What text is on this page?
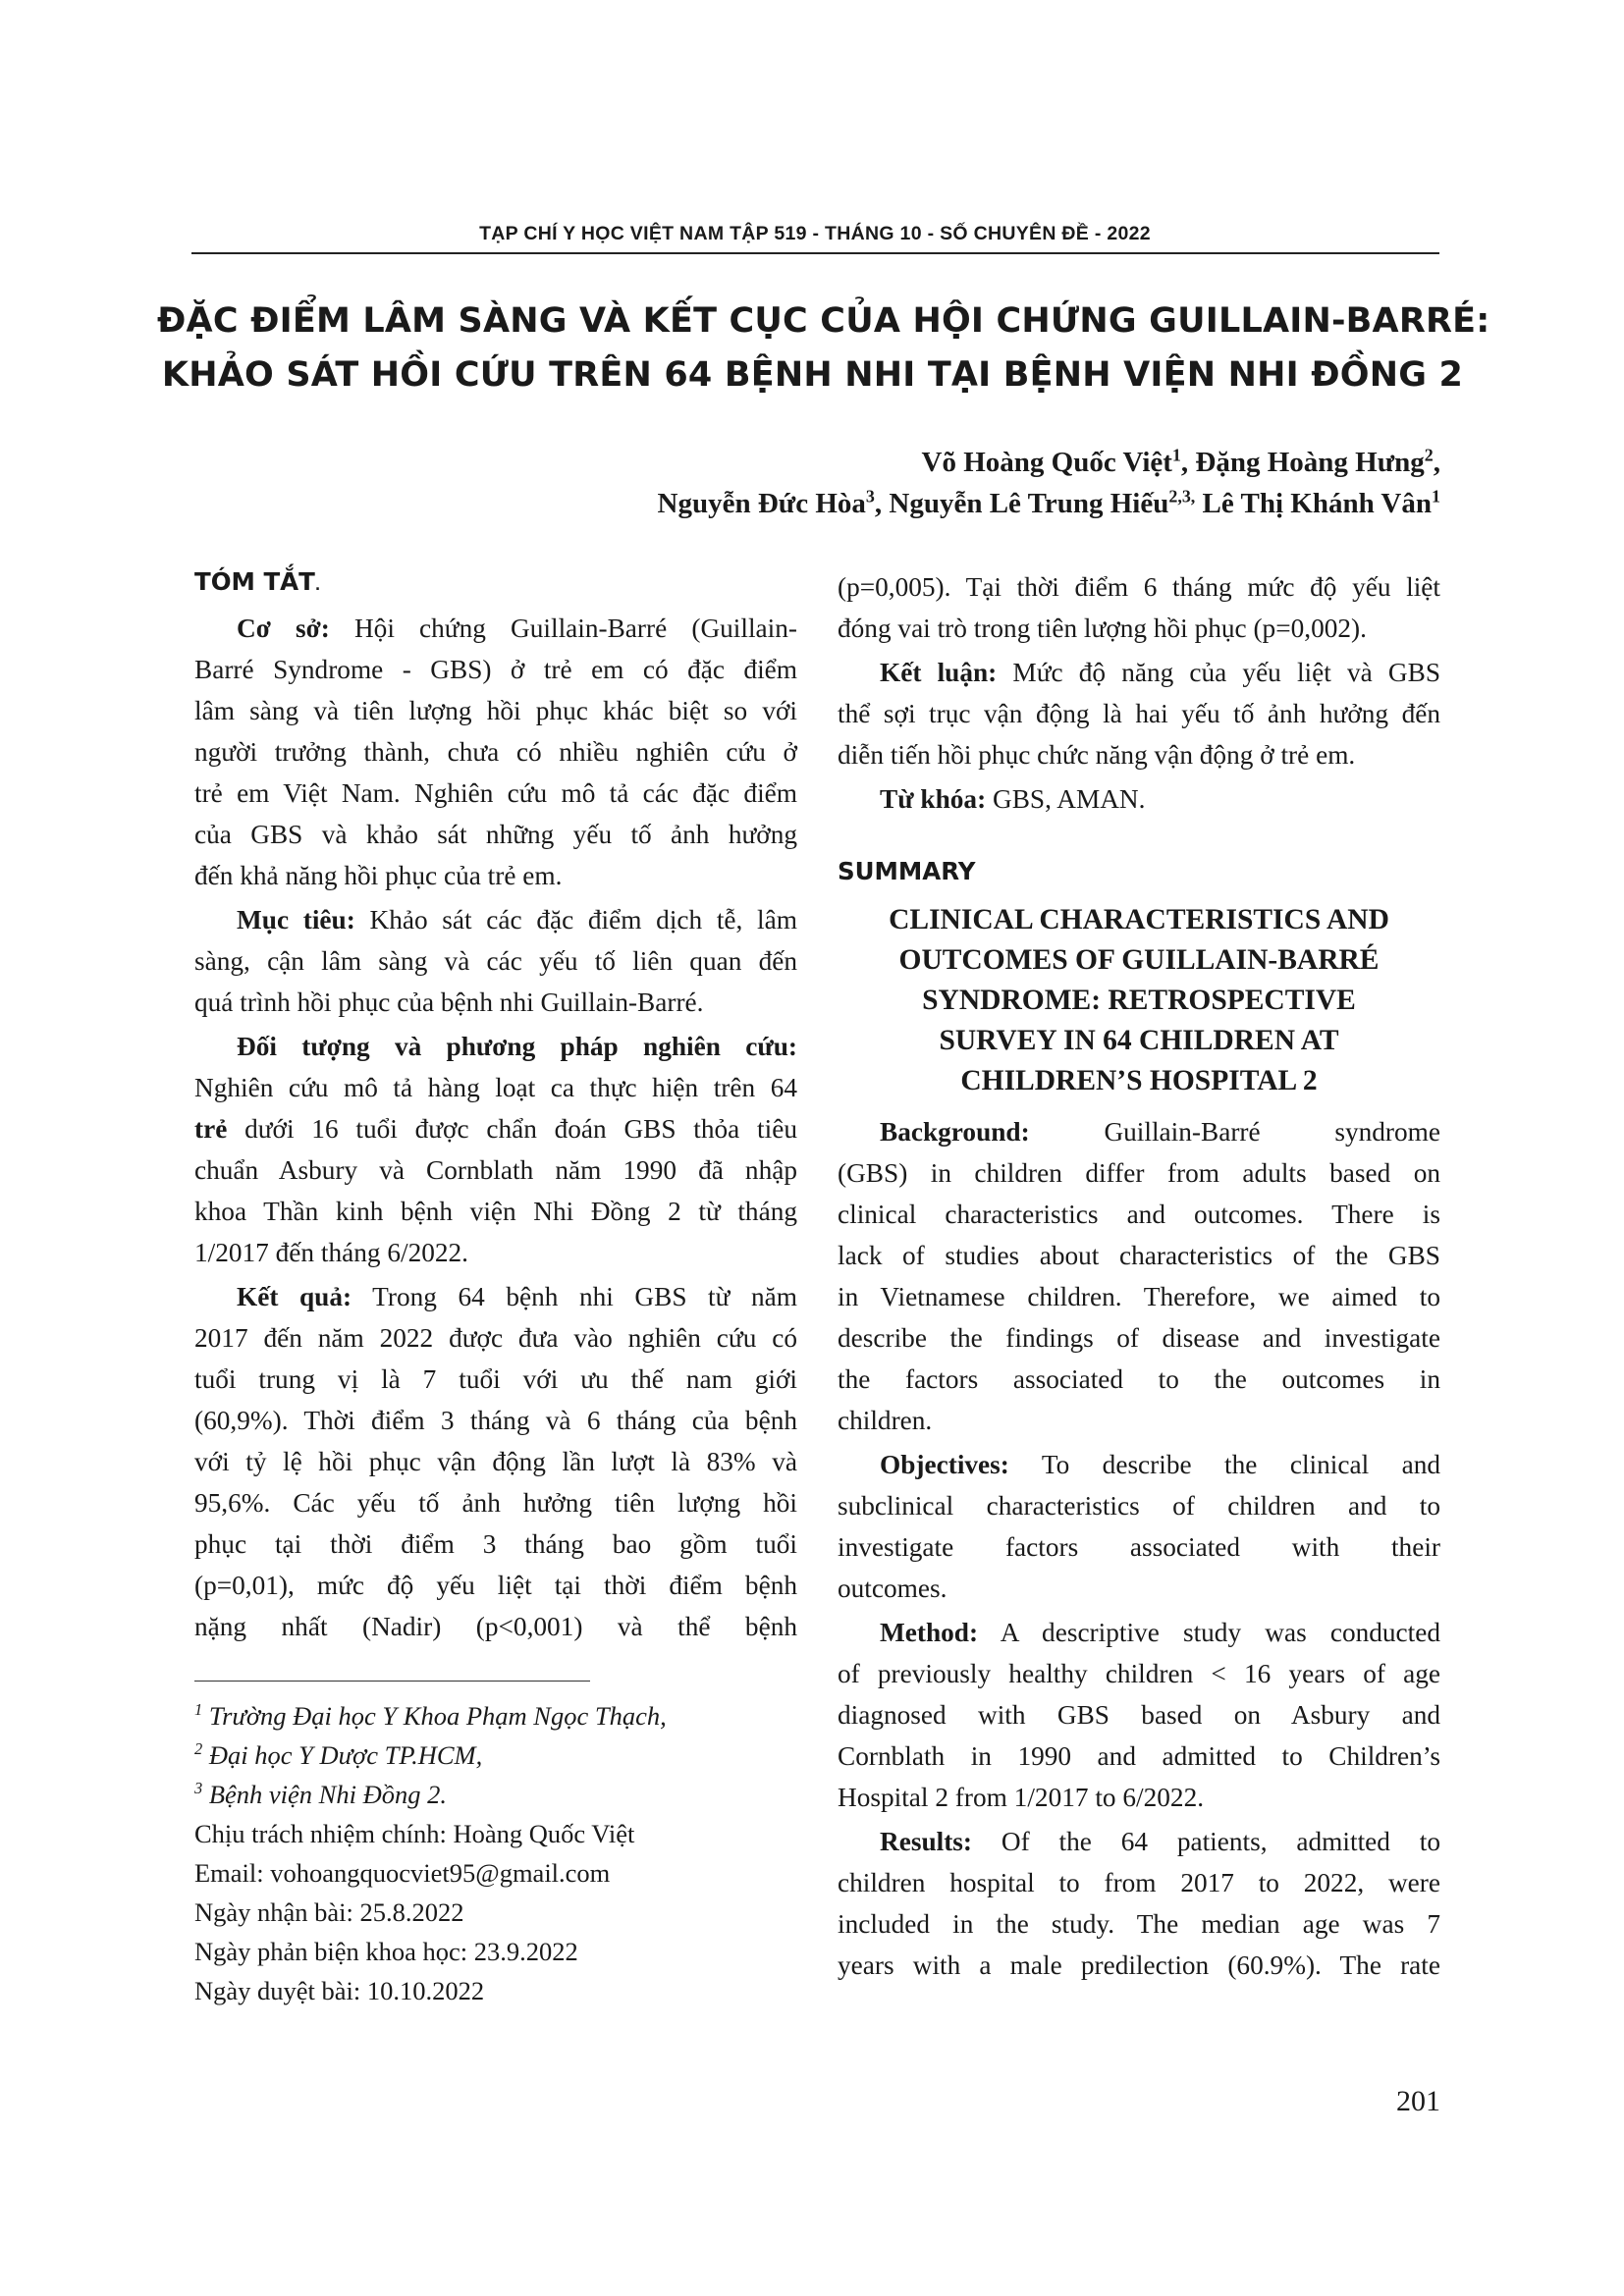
TẠP CHÍ Y HỌC VIỆT NAM TẬP 519 - THÁNG 10 - SỐ CHUYÊN ĐỀ - 2022
ĐẶC ĐIỂM LÂM SÀNG VÀ KẾT CỤC CỦA HỘI CHỨNG GUILLAIN-BARRÉ:
KHẢO SÁT HỒI CỨU TRÊN 64 BỆNH NHI TẠI BỆNH VIỆN NHI ĐỒNG 2
Võ Hoàng Quốc Việt$^1$, Đặng Hoàng Hưng$^2$,
Nguyễn Đức Hòa$^3$, Nguyễn Lê Trung Hiếu$^{2,3,}$ Lê Thị Khánh Vân$^1$
TÓM TẮT.
Cơ sở: Hội chứng Guillain-Barré (Guillain-
Barré Syndrome - GBS) ở trẻ em có đặc điểm
lâm sàng và tiên lượng hồi phục khác biệt so với
người trưởng thành, chưa có nhiều nghiên cứu ở
trẻ em Việt Nam. Nghiên cứu mô tả các đặc điểm
của GBS và khảo sát những yếu tố ảnh hưởng
đến khả năng hồi phục của trẻ em.
Mục tiêu: Khảo sát các đặc điểm dịch tễ, lâm
sàng, cận lâm sàng và các yếu tố liên quan đến
quá trình hồi phục của bệnh nhi Guillain-Barré.
Đối tượng và phương pháp nghiên cứu:
Nghiên cứu mô tả hàng loạt ca thực hiện trên 64
trẻ dưới 16 tuổi được chẩn đoán GBS thỏa tiêu
chuẩn Asbury và Cornblath năm 1990 đã nhập
khoa Thần kinh bệnh viện Nhi Đồng 2 từ tháng
1/2017 đến tháng 6/2022.
Kết quả: Trong 64 bệnh nhi GBS từ năm
2017 đến năm 2022 được đưa vào nghiên cứu có
tuổi trung vị là 7 tuổi với ưu thế nam giới
(60,9%). Thời điểm 3 tháng và 6 tháng của bệnh
với tỷ lệ hồi phục vận động lần lượt là 83% và
95,6%. Các yếu tố ảnh hưởng tiên lượng hồi
phục tại thời điểm 3 tháng bao gồm tuổi
(p=0,01), mức độ yếu liệt tại thời điểm bệnh
nặng nhất (Nadir) (p<0,001) và thể bệnh
$^1$ Trường Đại học Y Khoa Phạm Ngọc Thạch,
$^2$ Đại học Y Dược TP.HCM,
$^3$ Bệnh viện Nhi Đồng 2.
Chịu trách nhiệm chính: Hoàng Quốc Việt
Email: vohoangquocviet95@gmail.com
Ngày nhận bài: 25.8.2022
Ngày phản biện khoa học: 23.9.2022
Ngày duyệt bài: 10.10.2022
(p=0,005). Tại thời điểm 6 tháng mức độ yếu liệt
đóng vai trò trong tiên lượng hồi phục (p=0,002).
Kết luận: Mức độ năng của yếu liệt và GBS
thể sợi trục vận động là hai yếu tố ảnh hưởng đến
diễn tiến hồi phục chức năng vận động ở trẻ em.
Từ khóa: GBS, AMAN.
SUMMARY
CLINICAL CHARACTERISTICS AND
OUTCOMES OF GUILLAIN-BARRÉ
SYNDROME: RETROSPECTIVE
SURVEY IN 64 CHILDREN AT
CHILDREN’S HOSPITAL 2
Background: Guillain-Barré syndrome
(GBS) in children differ from adults based on
clinical characteristics and outcomes. There is
lack of studies about characteristics of the GBS
in Vietnamese children. Therefore, we aimed to
describe the findings of disease and investigate
the factors associated to the outcomes in
children.
Objectives: To describe the clinical and
subclinical characteristics of children and to
investigate factors associated with their
outcomes.
Method: A descriptive study was conducted
of previously healthy children < 16 years of age
diagnosed with GBS based on Asbury and
Cornblath in 1990 and admitted to Children’s
Hospital 2 from 1/2017 to 6/2022.
Results: Of the 64 patients, admitted to
children hospital to from 2017 to 2022, were
included in the study. The median age was 7
years with a male predilection (60.9%). The rate
201
